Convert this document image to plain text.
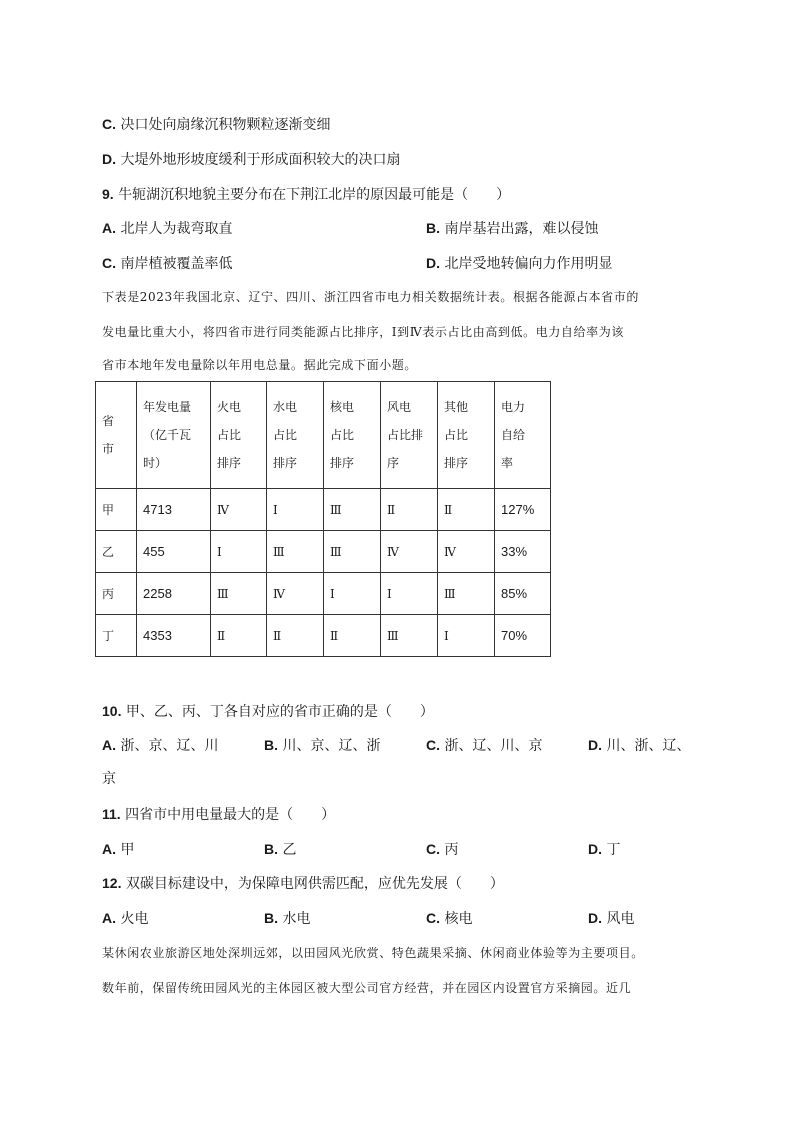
C. 决口处向扇缘沉积物颗粒逐渐变细
D. 大堤外地形坡度缓利于形成面积较大的决口扇
9. 牛轭湖沉积地貌主要分布在下荆江北岸的原因最可能是（　　）
A. 北岸人为裁弯取直	B. 南岸基岩出露，难以侵蚀
C. 南岸植被覆盖率低	D. 北岸受地转偏向力作用明显
下表是2023年我国北京、辽宁、四川、浙江四省市电力相关数据统计表。根据各能源占本省市的
发电量比重大小，将四省市进行同类能源占比排序，Ⅰ到Ⅳ表示占比由高到低。电力自给率为该
省市本地年发电量除以年用电总量。据此完成下面小题。
省
市	年发电量
（亿千瓦
时）	火电
占比
排序	水电
占比
排序	核电
占比
排序	风电
占比排
序	其他
占比
排序	电力
自给
率
甲	4713	Ⅳ	Ⅰ	Ⅲ	Ⅱ	Ⅱ	127%
乙	455	Ⅰ	Ⅲ	Ⅲ	Ⅳ	Ⅳ	33%
丙	2258	Ⅲ	Ⅳ	Ⅰ	Ⅰ	Ⅲ	85%
丁	4353	Ⅱ	Ⅱ	Ⅱ	Ⅲ	Ⅰ	70%
10. 甲、乙、丙、丁各自对应的省市正确的是（　　）
A. 浙、京、辽、川	B. 川、京、辽、浙	C. 浙、辽、川、京	D. 川、浙、辽、
京
11. 四省市中用电量最大的是（　　）
A. 甲	B. 乙	C. 丙	D. 丁
12. 双碳目标建设中，为保障电网供需匹配，应优先发展（　　）
A. 火电	B. 水电	C. 核电	D. 风电
某休闲农业旅游区地处深圳远郊，以田园风光欣赏、特色蔬果采摘、休闲商业体验等为主要项目。
数年前，保留传统田园风光的主体园区被大型公司官方经营，并在园区内设置官方采摘园。近几
